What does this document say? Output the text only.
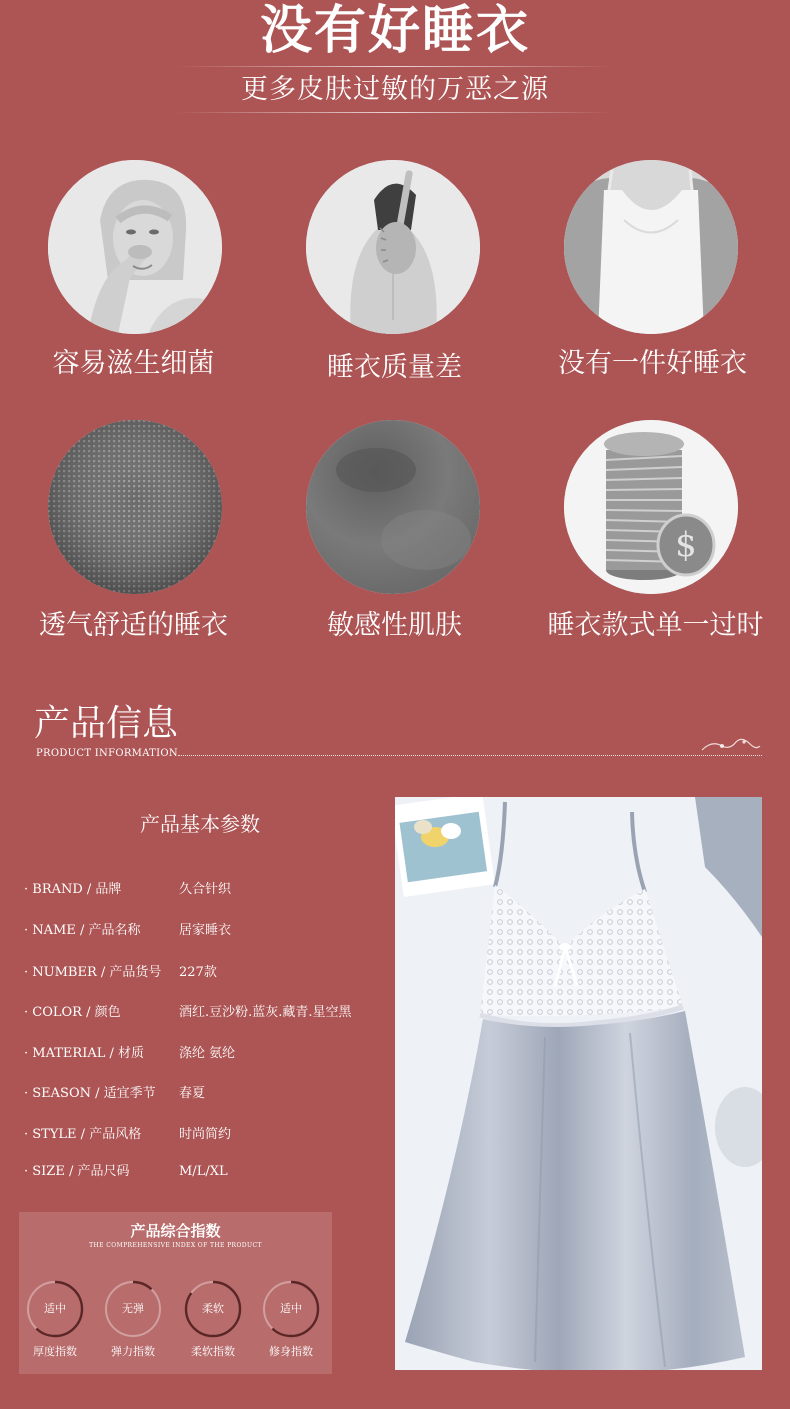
没有好睡衣
更多皮肤过敏的万恶之源
容易滋生细菌	睡衣质量差	没有一件好睡衣
$
透气舒适的睡衣	敏感性肌肤	睡衣款式单一过时
产品信息
PRODUCT INFORMATION
产品基本参数
· BRAND / 品牌	久合针织
· NAME / 产品名称	居家睡衣
· NUMBER / 产品货号 227款
· COLOR / 颜色	酒红.豆沙粉.蓝灰.藏青.星空黑
· MATERIAL / 材质	涤纶 氨纶
· SEASON / 适宜季节 春夏
· STYLE / 产品风格	时尚简约
· SIZE / 产品尺码	M/L/XL
产品综合指数
THE COMPREHENSIVE INDEX OF THE PRODUCT
适中	无弹	柔软	适中
厚度指数	弹力指数	柔软指数	修身指数
